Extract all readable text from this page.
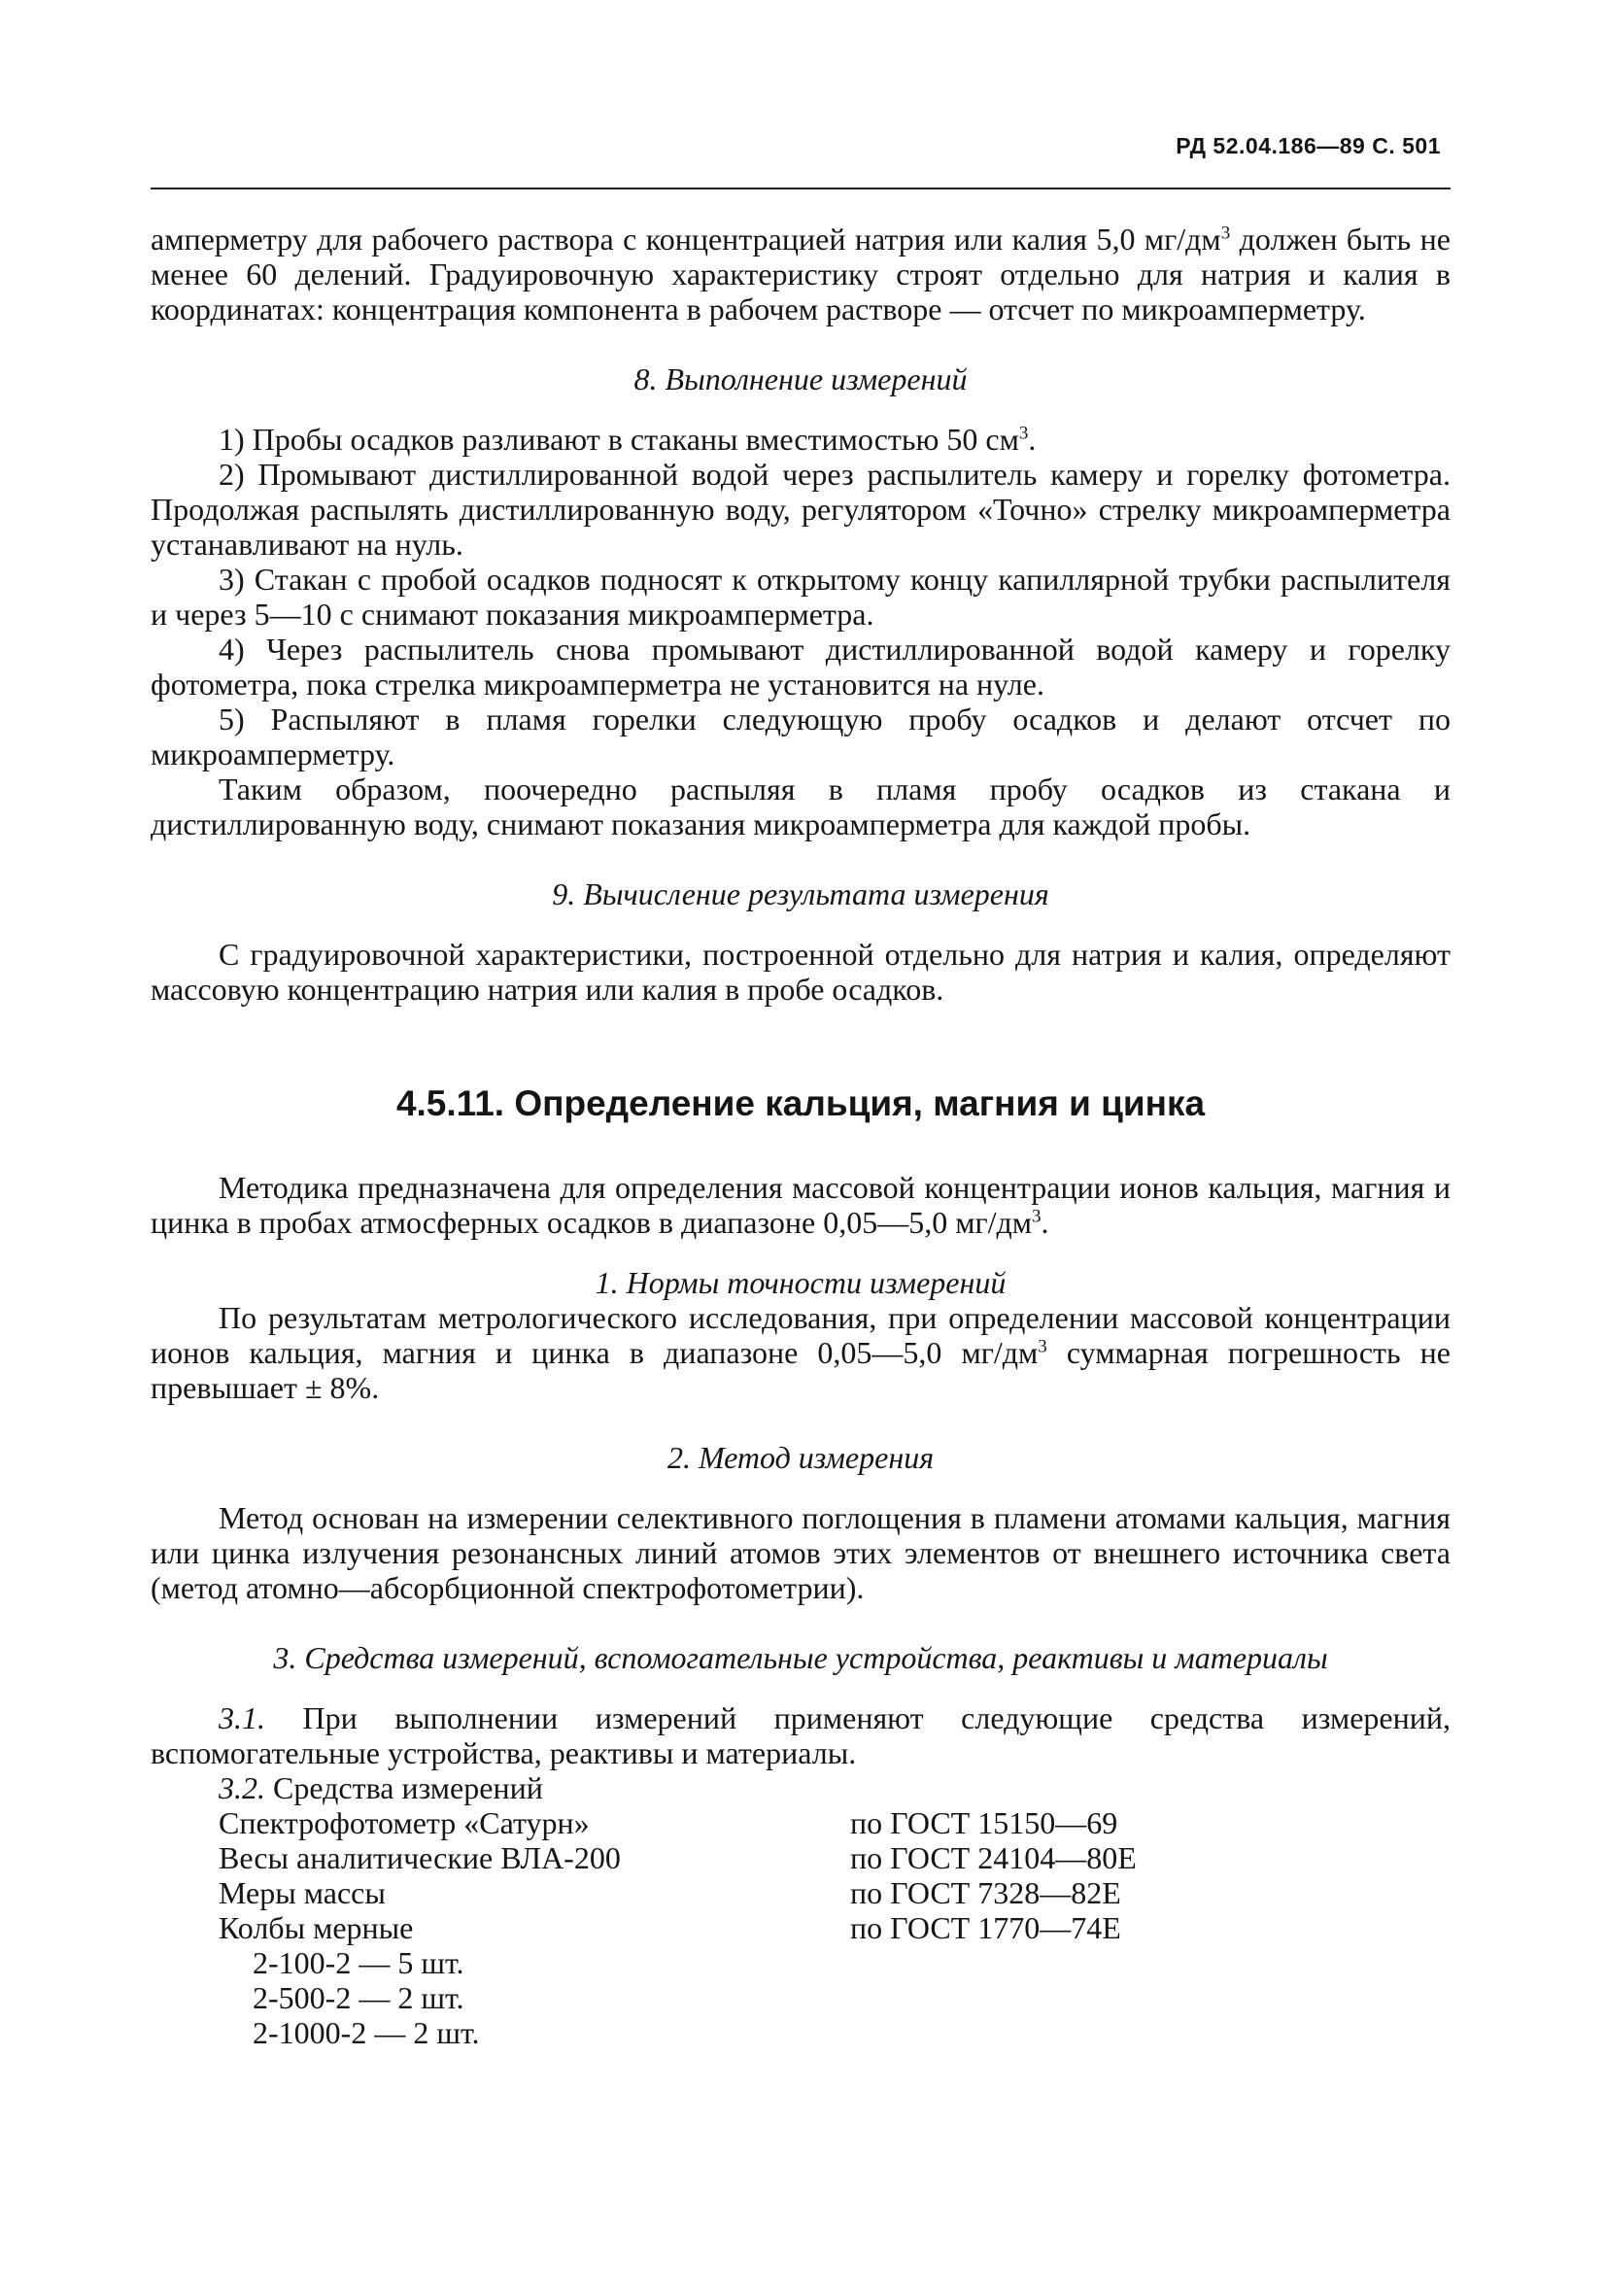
РД 52.04.186—89 С. 501

амперметру для рабочего раствора с концентрацией натрия или калия 5,0 $мг/дм^3$ должен быть не менее 60 делений. Градуировочную характеристику строят отдельно для натрия и калия в координатах: концентрация компонента в рабочем растворе — отсчет по микроамперметру.

8. Выполнение измерений

1) Пробы осадков разливают в стаканы вместимостью 50 $см^3$.

2) Промывают дистиллированной водой через распылитель камеру и горелку фотометра. Продолжая распылять дистиллированную воду, регулятором «Точно» стрелку микроамперметра устанавливают на нуль.

3) Стакан с пробой осадков подносят к открытому концу капиллярной трубки распылителя и через 5—10 с снимают показания микроамперметра.

4) Через распылитель снова промывают дистиллированной водой камеру и горелку фотометра, пока стрелка микроамперметра не установится на нуле.

5) Распыляют в пламя горелки следующую пробу осадков и делают отсчет по микроамперметру.

Таким образом, поочередно распыляя в пламя пробу осадков из стакана и дистиллированную воду, снимают показания микроамперметра для каждой пробы.

9. Вычисление результата измерения

С градуировочной характеристики, построенной отдельно для натрия и калия, определяют массовую концентрацию натрия или калия в пробе осадков.

4.5.11. Определение кальция, магния и цинка

Методика предназначена для определения массовой концентрации ионов кальция, магния и цинка в пробах атмосферных осадков в диапазоне 0,05—5,0 $мг/дм^3$.

1. Нормы точности измерений

По результатам метрологического исследования, при определении массовой концентрации ионов кальция, магния и цинка в диапазоне 0,05—5,0 $мг/дм^3$ суммарная погрешность не превышает ± 8%.

2. Метод измерения

Метод основан на измерении селективного поглощения в пламени атомами кальция, магния или цинка излучения резонансных линий атомов этих элементов от внешнего источника света (метод атомно—абсорбционной спектрофотометрии).

3. Средства измерений, вспомогательные устройства, реактивы и материалы

3.1. При выполнении измерений применяют следующие средства измерений, вспомогательные устройства, реактивы и материалы.

3.2. Средства измерений

Спектрофотометр «Сатурн»	по ГОСТ 15150—69
Весы аналитические ВЛА-200	по ГОСТ 24104—80Е
Меры массы	по ГОСТ 7328—82Е
Колбы мерные	по ГОСТ 1770—74Е
2-100-2 — 5 шт.
2-500-2 — 2 шт.
2-1000-2 — 2 шт.
